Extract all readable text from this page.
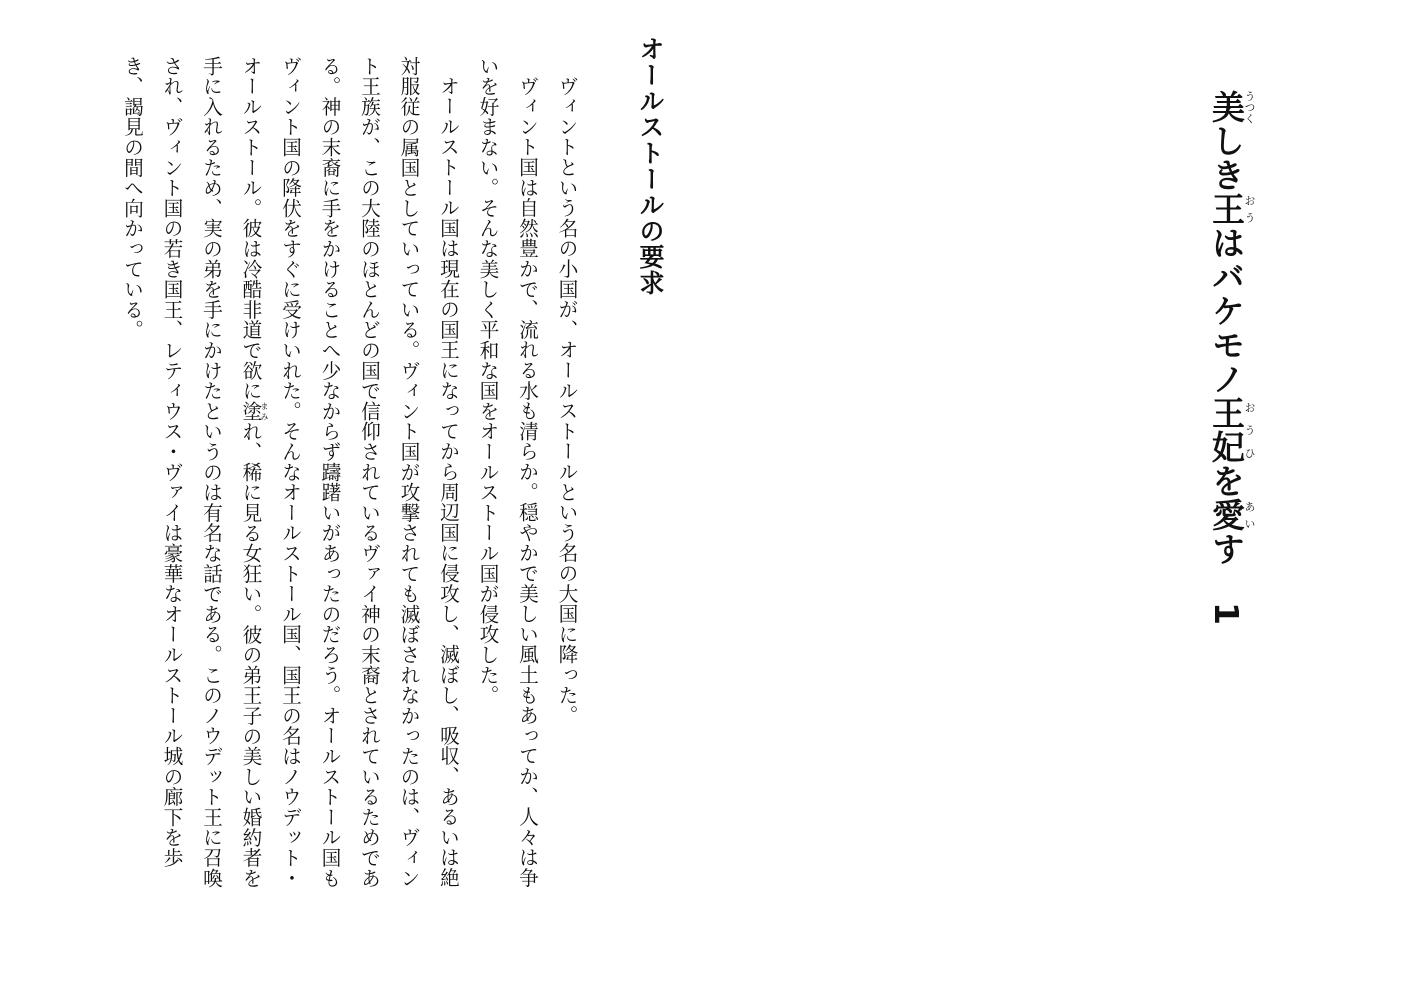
美うつくしき王おうはバケモノ王妃おうひを愛あいす1
オールストールの要求

ヴィントという名の小国が、オールストールという名の大国に降った。

ヴィント国は自然豊かで、流れる水も清らか。穏やかで美しい風土もあってか、人々は争

いを好まない。そんな美しく平和な国をオールストール国が侵攻した。

オールストール国は現在の国王になってから周辺国に侵攻し、滅ぼし、吸収、あるいは絶

対服従の属国としていっている。ヴィント国が攻撃されても滅ぼされなかったのは、ヴィン

ト王族が、この大陸のほとんどの国で信仰されているヴァイ神の末裔とされているためであ

る。神の末裔に手をかけることへ少なからず躊躇いがあったのだろう。オールストール国も

ヴィント国の降伏をすぐに受けいれた。そんなオールストール国、国王の名はノウデット・

オールストール。彼は冷酷非道で欲に塗まみれ、稀に見る女狂い。彼の弟王子の美しい婚約者を

手に入れるため、実の弟を手にかけたというのは有名な話である。このノウデット王に召喚

され、ヴィント国の若き国王、レティウス・ヴァイは豪華なオールストール城の廊下を歩

き、謁見の間へ向かっている。
